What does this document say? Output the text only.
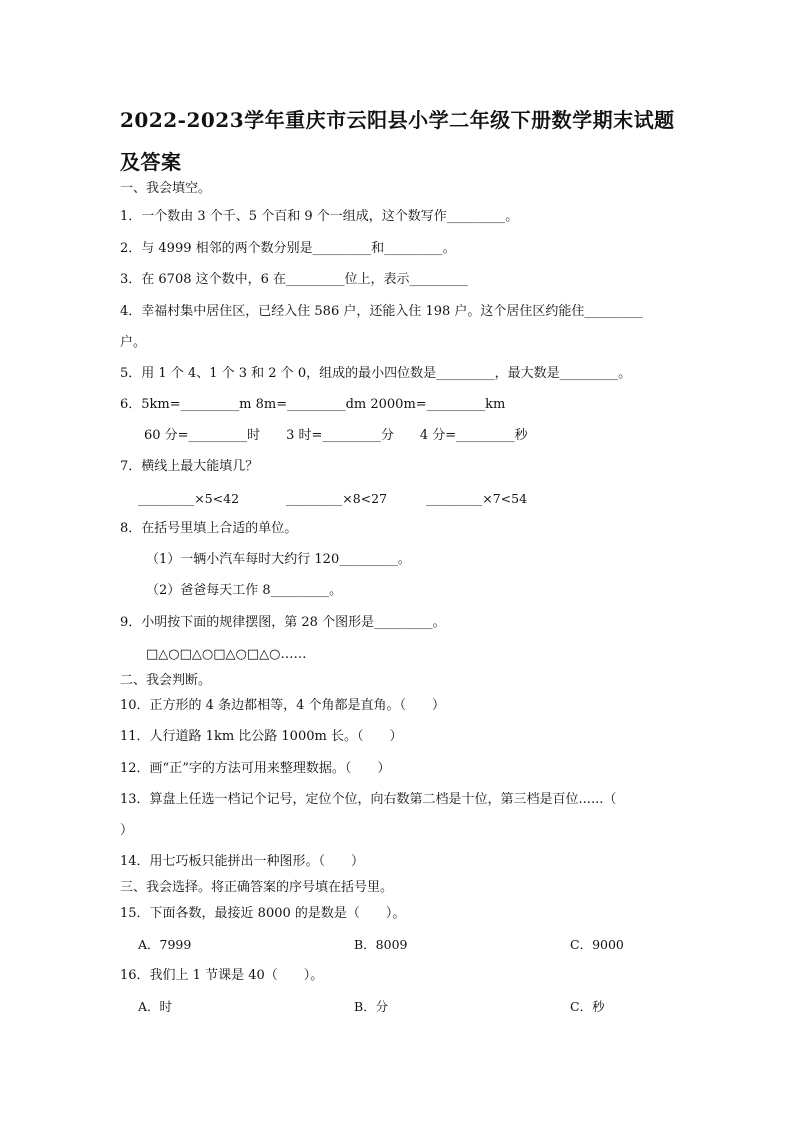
2022-2023学年重庆市云阳县小学二年级下册数学期末试题
及答案
一、我会填空。
1．一个数由 3 个千、5 个百和 9 个一组成，这个数写作_________。
2．与 4999 相邻的两个数分别是_________和_________。
3．在 6708 这个数中，6 在_________位上，表示_________
4．幸福村集中居住区，已经入住 586 户，还能入住 198 户。这个居住区约能住_________
户。
5．用 1 个 4、1 个 3 和 2 个 0，组成的最小四位数是_________，最大数是_________。
6．5km=_________m 8m=_________dm 2000m=_________km
60 分=_________时　　3 时=_________分　　4 分=_________秒
7．横线上最大能填几？
_________×5<42	_________×8<27	_________×7<54
8．在括号里填上合适的单位。
（1）一辆小汽车每时大约行 120_________。
（2）爸爸每天工作 8_________。
9．小明按下面的规律摆图，第 28 个图形是_________。
□△○□△○□△○□△○……
二、我会判断。
10．正方形的 4 条边都相等，4 个角都是直角。（　　）
11．人行道路 1km 比公路 1000m 长。（　　）
12．画“正”字的方法可用来整理数据。（　　）
13．算盘上任选一档记个记号，定位个位，向右数第二档是十位，第三档是百位......（
）
14．用七巧板只能拼出一种图形。（　　）
三、我会选择。将正确答案的序号填在括号里。
15．下面各数，最接近 8000 的是数是（　　）。
A．7999	B．8009	C．9000
16．我们上 1 节课是 40（　　）。
A．时	B．分	C．秒
